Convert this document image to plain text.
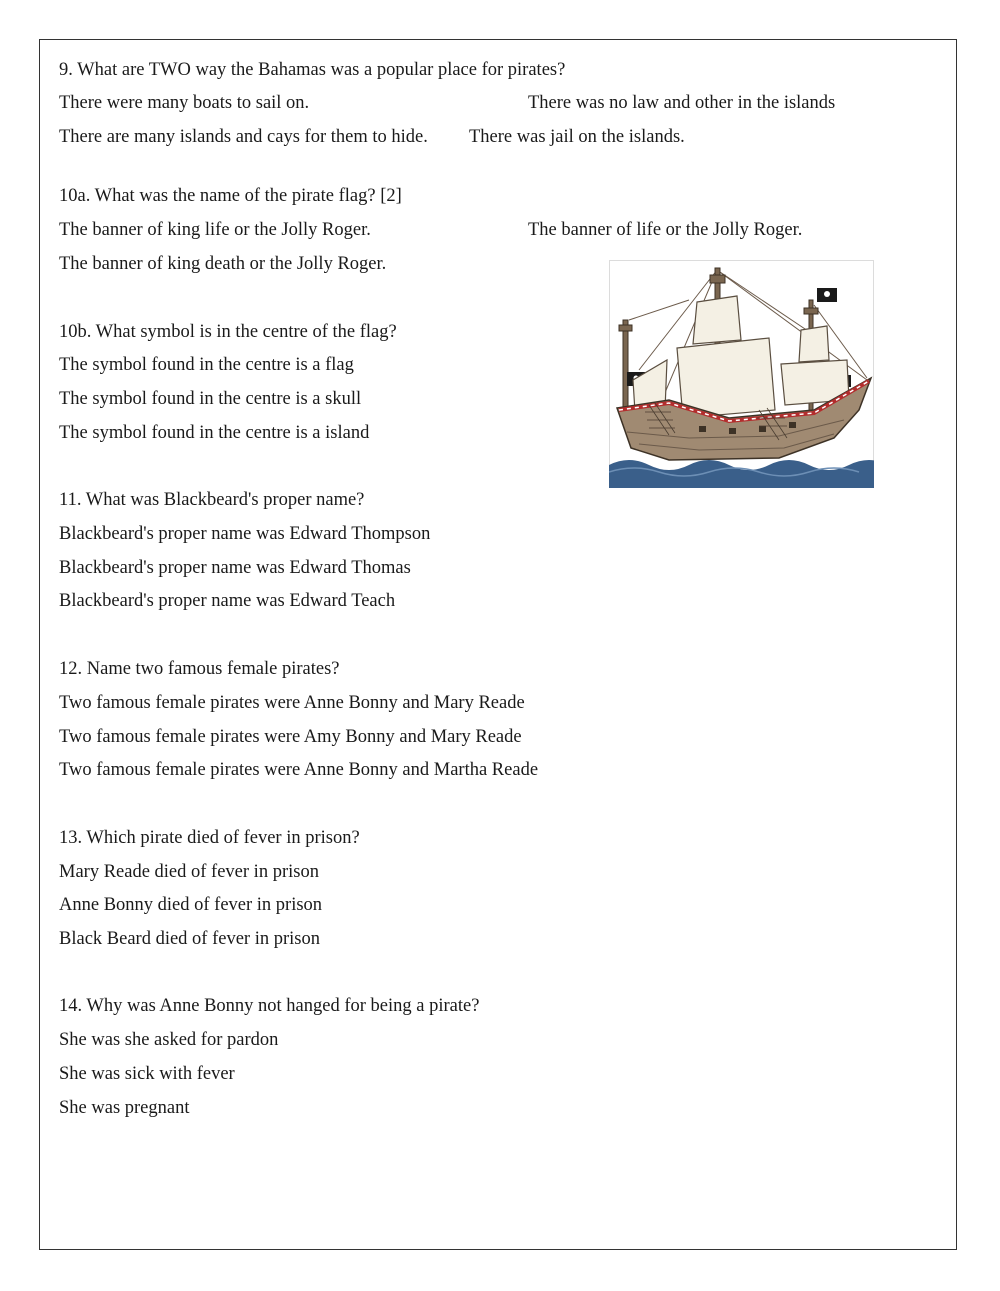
9. What are TWO way the Bahamas was a popular place for pirates?
There were many boats to sail on.	There was no law and other in the islands
There are many islands and cays for them to hide. There was jail on the islands.
10a. What was the name of the pirate flag? [2]
The banner of king life or the Jolly Roger.	The banner of life or the Jolly Roger.
The banner of king death or the Jolly Roger.
10b. What symbol is in the centre of the flag?
The symbol found in the centre is a flag
The symbol found in the centre is a skull
The symbol found in the centre is a island
11. What was Blackbeard's proper name?
Blackbeard's proper name was Edward Thompson
Blackbeard's proper name was Edward Thomas
Blackbeard's proper name was Edward Teach
12. Name two famous female pirates?
Two famous female pirates were Anne Bonny and Mary Reade
Two famous female pirates were Amy Bonny and Mary Reade
Two famous female pirates were Anne Bonny and Martha Reade
13. Which pirate died of fever in prison?
Mary Reade died of fever in prison
Anne Bonny died of fever in prison
Black Beard died of fever in prison
14. Why was Anne Bonny not hanged for being a pirate?
She was she asked for pardon
She was sick with fever
She was pregnant
